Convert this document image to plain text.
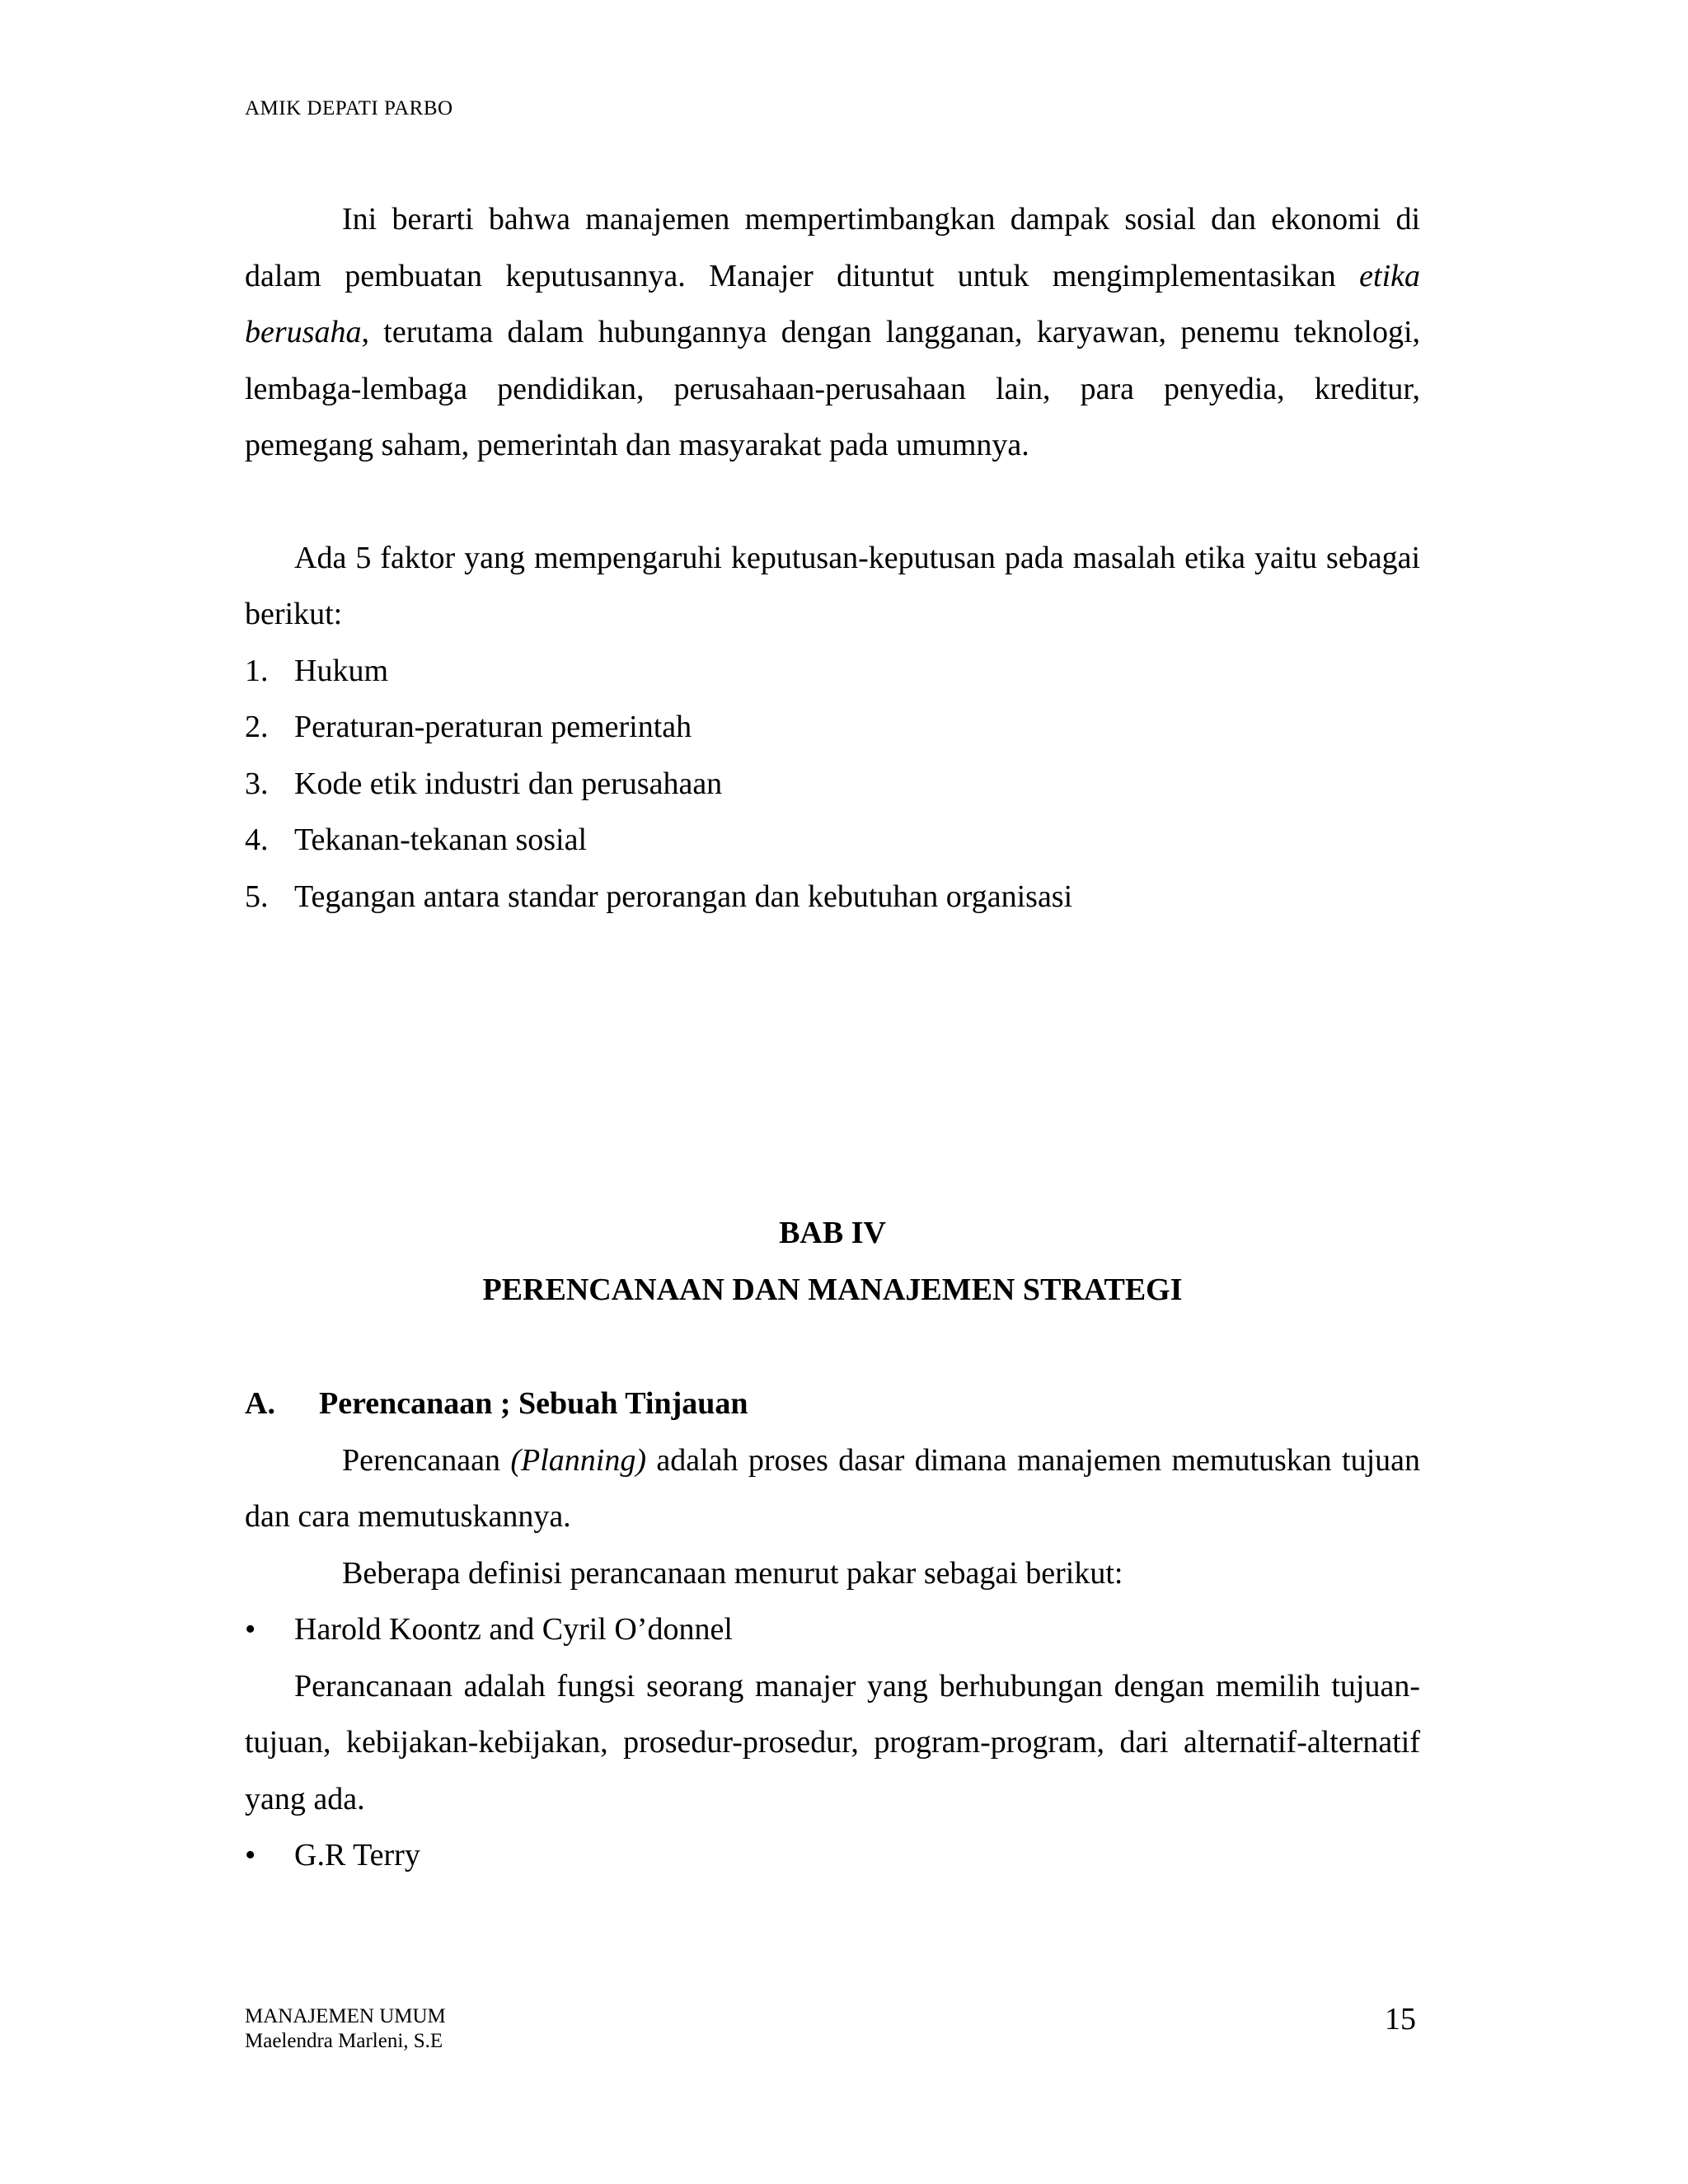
AMIK DEPATI PARBO

Ini berarti bahwa manajemen mempertimbangkan dampak sosial dan ekonomi di dalam pembuatan keputusannya. Manajer dituntut untuk mengimplementasikan etika berusaha, terutama dalam hubungannya dengan langganan, karyawan, penemu teknologi, lembaga-lembaga pendidikan, perusahaan-perusahaan lain, para penyedia, kreditur, pemegang saham, pemerintah dan masyarakat pada umumnya.

Ada 5 faktor yang mempengaruhi keputusan-keputusan pada masalah etika yaitu sebagai berikut:

1. Hukum
2. Peraturan-peraturan pemerintah
3. Kode etik industri dan perusahaan
4. Tekanan-tekanan sosial
5. Tegangan antara standar perorangan dan kebutuhan organisasi

BAB IV

PERENCANAAN DAN MANAJEMEN STRATEGI

A.	Perencanaan ; Sebuah Tinjauan

Perencanaan (Planning) adalah proses dasar dimana manajemen memutuskan tujuan dan cara memutuskannya.

Beberapa definisi perancanaan menurut pakar sebagai berikut:

•	Harold Koontz and Cyril O’donnel

Perancanaan adalah fungsi seorang manajer yang berhubungan dengan memilih tujuan-tujuan, kebijakan-kebijakan, prosedur-prosedur, program-program, dari alternatif-alternatif yang ada.

•	G.R Terry
MANAJEMEN UMUM
Maelendra Marleni, S.E
15
